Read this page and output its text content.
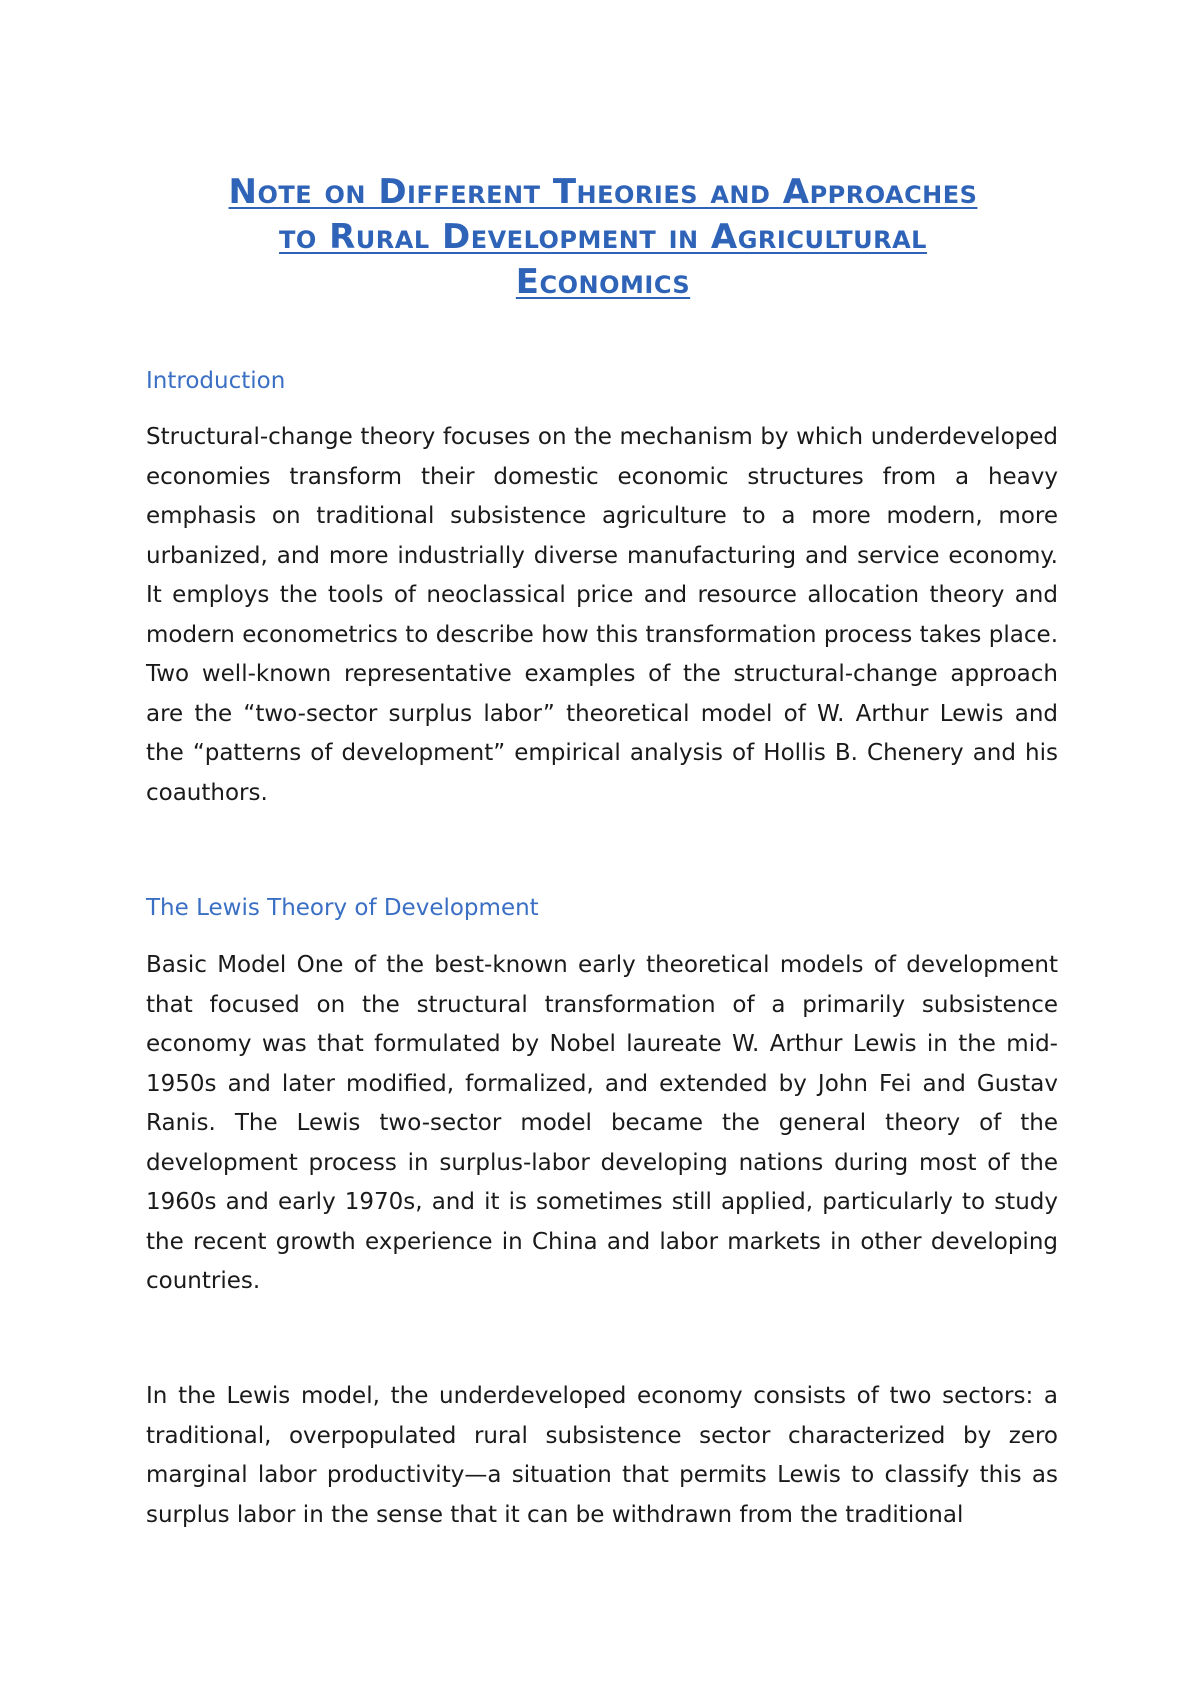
Note on Different Theories and Approaches
to Rural Development in Agricultural
Economics
Introduction

Structural-change theory focuses on the mechanism by which underdeveloped economies transform their domestic economic structures from a heavy emphasis on traditional subsistence agriculture to a more modern, more urbanized, and more industrially diverse manufacturing and service economy. It employs the tools of neoclassical price and resource allocation theory and modern econometrics to describe how this transformation process takes place. Two well-known representative examples of the structural-change approach are the “two-sector surplus labor” theoretical model of W. Arthur Lewis and the “patterns of development” empirical analysis of Hollis B. Chenery and his coauthors.

The Lewis Theory of Development

Basic Model One of the best-known early theoretical models of development that focused on the structural transformation of a primarily subsistence economy was that formulated by Nobel laureate W. Arthur Lewis in the mid-1950s and later modified, formalized, and extended by John Fei and Gustav Ranis. The Lewis two-sector model became the general theory of the development process in surplus-labor developing nations during most of the 1960s and early 1970s, and it is sometimes still applied, particularly to study the recent growth experience in China and labor markets in other developing countries.

In the Lewis model, the underdeveloped economy consists of two sectors: a traditional, overpopulated rural subsistence sector characterized by zero marginal labor productivity—a situation that permits Lewis to classify this as surplus labor in the sense that it can be withdrawn from the traditional
